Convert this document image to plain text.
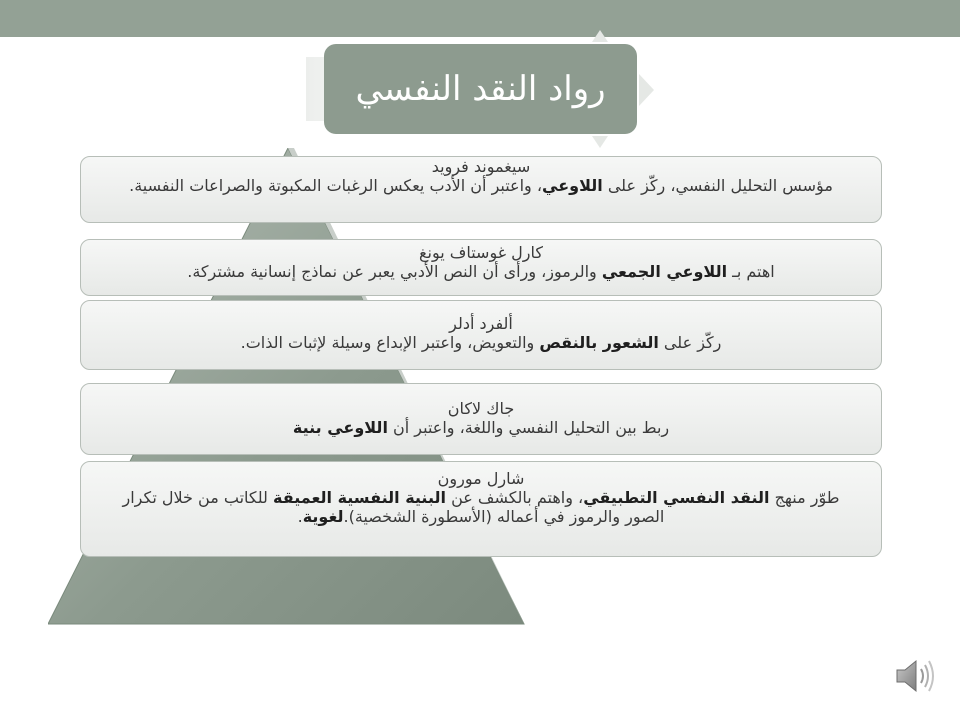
رواد النقد النفسي
سيغموند فرويد
مؤسس التحليل النفسي، ركّز على اللاوعي، واعتبر أن الأدب يعكس الرغبات المكبوتة والصراعات النفسية.
كارل غوستاف يونغ
اهتم بـ اللاوعي الجمعي والرموز، ورأى أن النص الأدبي يعبر عن نماذج إنسانية مشتركة.
ألفرد أدلر
ركّز على الشعور بالنقص والتعويض، واعتبر الإبداع وسيلة لإثبات الذات.
جاك لاكان
ربط بين التحليل النفسي واللغة، واعتبر أن اللاوعي بنية
شارل مورون
طوّر منهج النقد النفسي التطبيقي، واهتم بالكشف عن البنية النفسية العميقة للكاتب من خلال تكرار الصور والرموز في أعماله (الأسطورة الشخصية).لغوية.
